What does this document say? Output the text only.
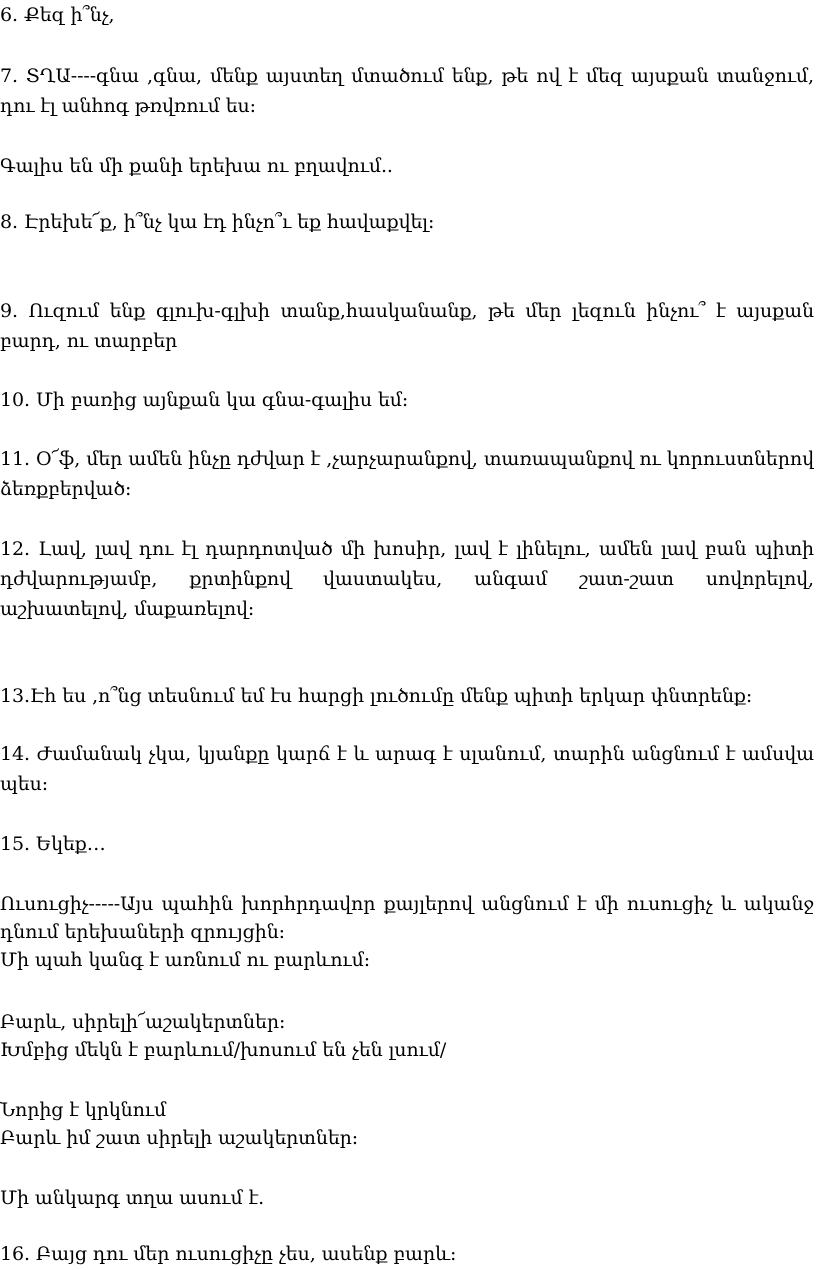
6. Քեզ ի՞նչ,
7. ՏՂԱ----գնա ,գնա, մենք այստեղ մտածում ենք, թե ով է մեզ այսքան տանջում,
դու էլ անհոգ թռվռում ես:
Գալիս են մի քանի երեխա ու բղավում..
8. Էրեխե՜ք, ի՞նչ կա էդ ինչո՞ւ եք հավաքվել:
9. Ուզում ենք գլուխ-գլխի տանք,հասկանանք, թե մեր լեզուն ինչու՞ է այսքան
բարդ, ու տարբեր
10. Մի բառից այնքան կա գնա-գալիս եմ:
11. Օ՜ֆ, մեր ամեն ինչը դժվար է ,չարչարանքով, տառապանքով ու կորուստներով
ձեռքբերված:
12. Լավ, լավ դու էլ դարդոտված մի խոսիր, լավ է լինելու, ամեն լավ բան պիտի
դժվարությամբ, քրտինքով վաստակես, անգամ շատ-շատ սովորելով,
աշխատելով, մաքառելով:
13.Էհ ես ,ո՞նց տեսնում եմ էս հարցի լուծումը մենք պիտի երկար փնտրենք:
14. Ժամանակ չկա, կյանքը կարճ է և արագ է սլանում, տարին անցնում է ամսվա
պես:
15. Եկեք…
Ուսուցիչ-----Այս պահին խորհրդավոր քայլերով անցնում է մի ուսուցիչ և ականջ
դնում երեխաների զրույցին:
Մի պահ կանգ է առնում ու բարևում:
Բարև, սիրելի՜աշակերտներ:
Խմբից մեկն է բարևում/խոսում են չեն լսում/
Նորից է կրկնում
Բարև իմ շատ սիրելի աշակերտներ:
Մի անկարգ տղա ասում է.
16. Բայց դու մեր ուսուցիչը չես, ասենք բարև:
